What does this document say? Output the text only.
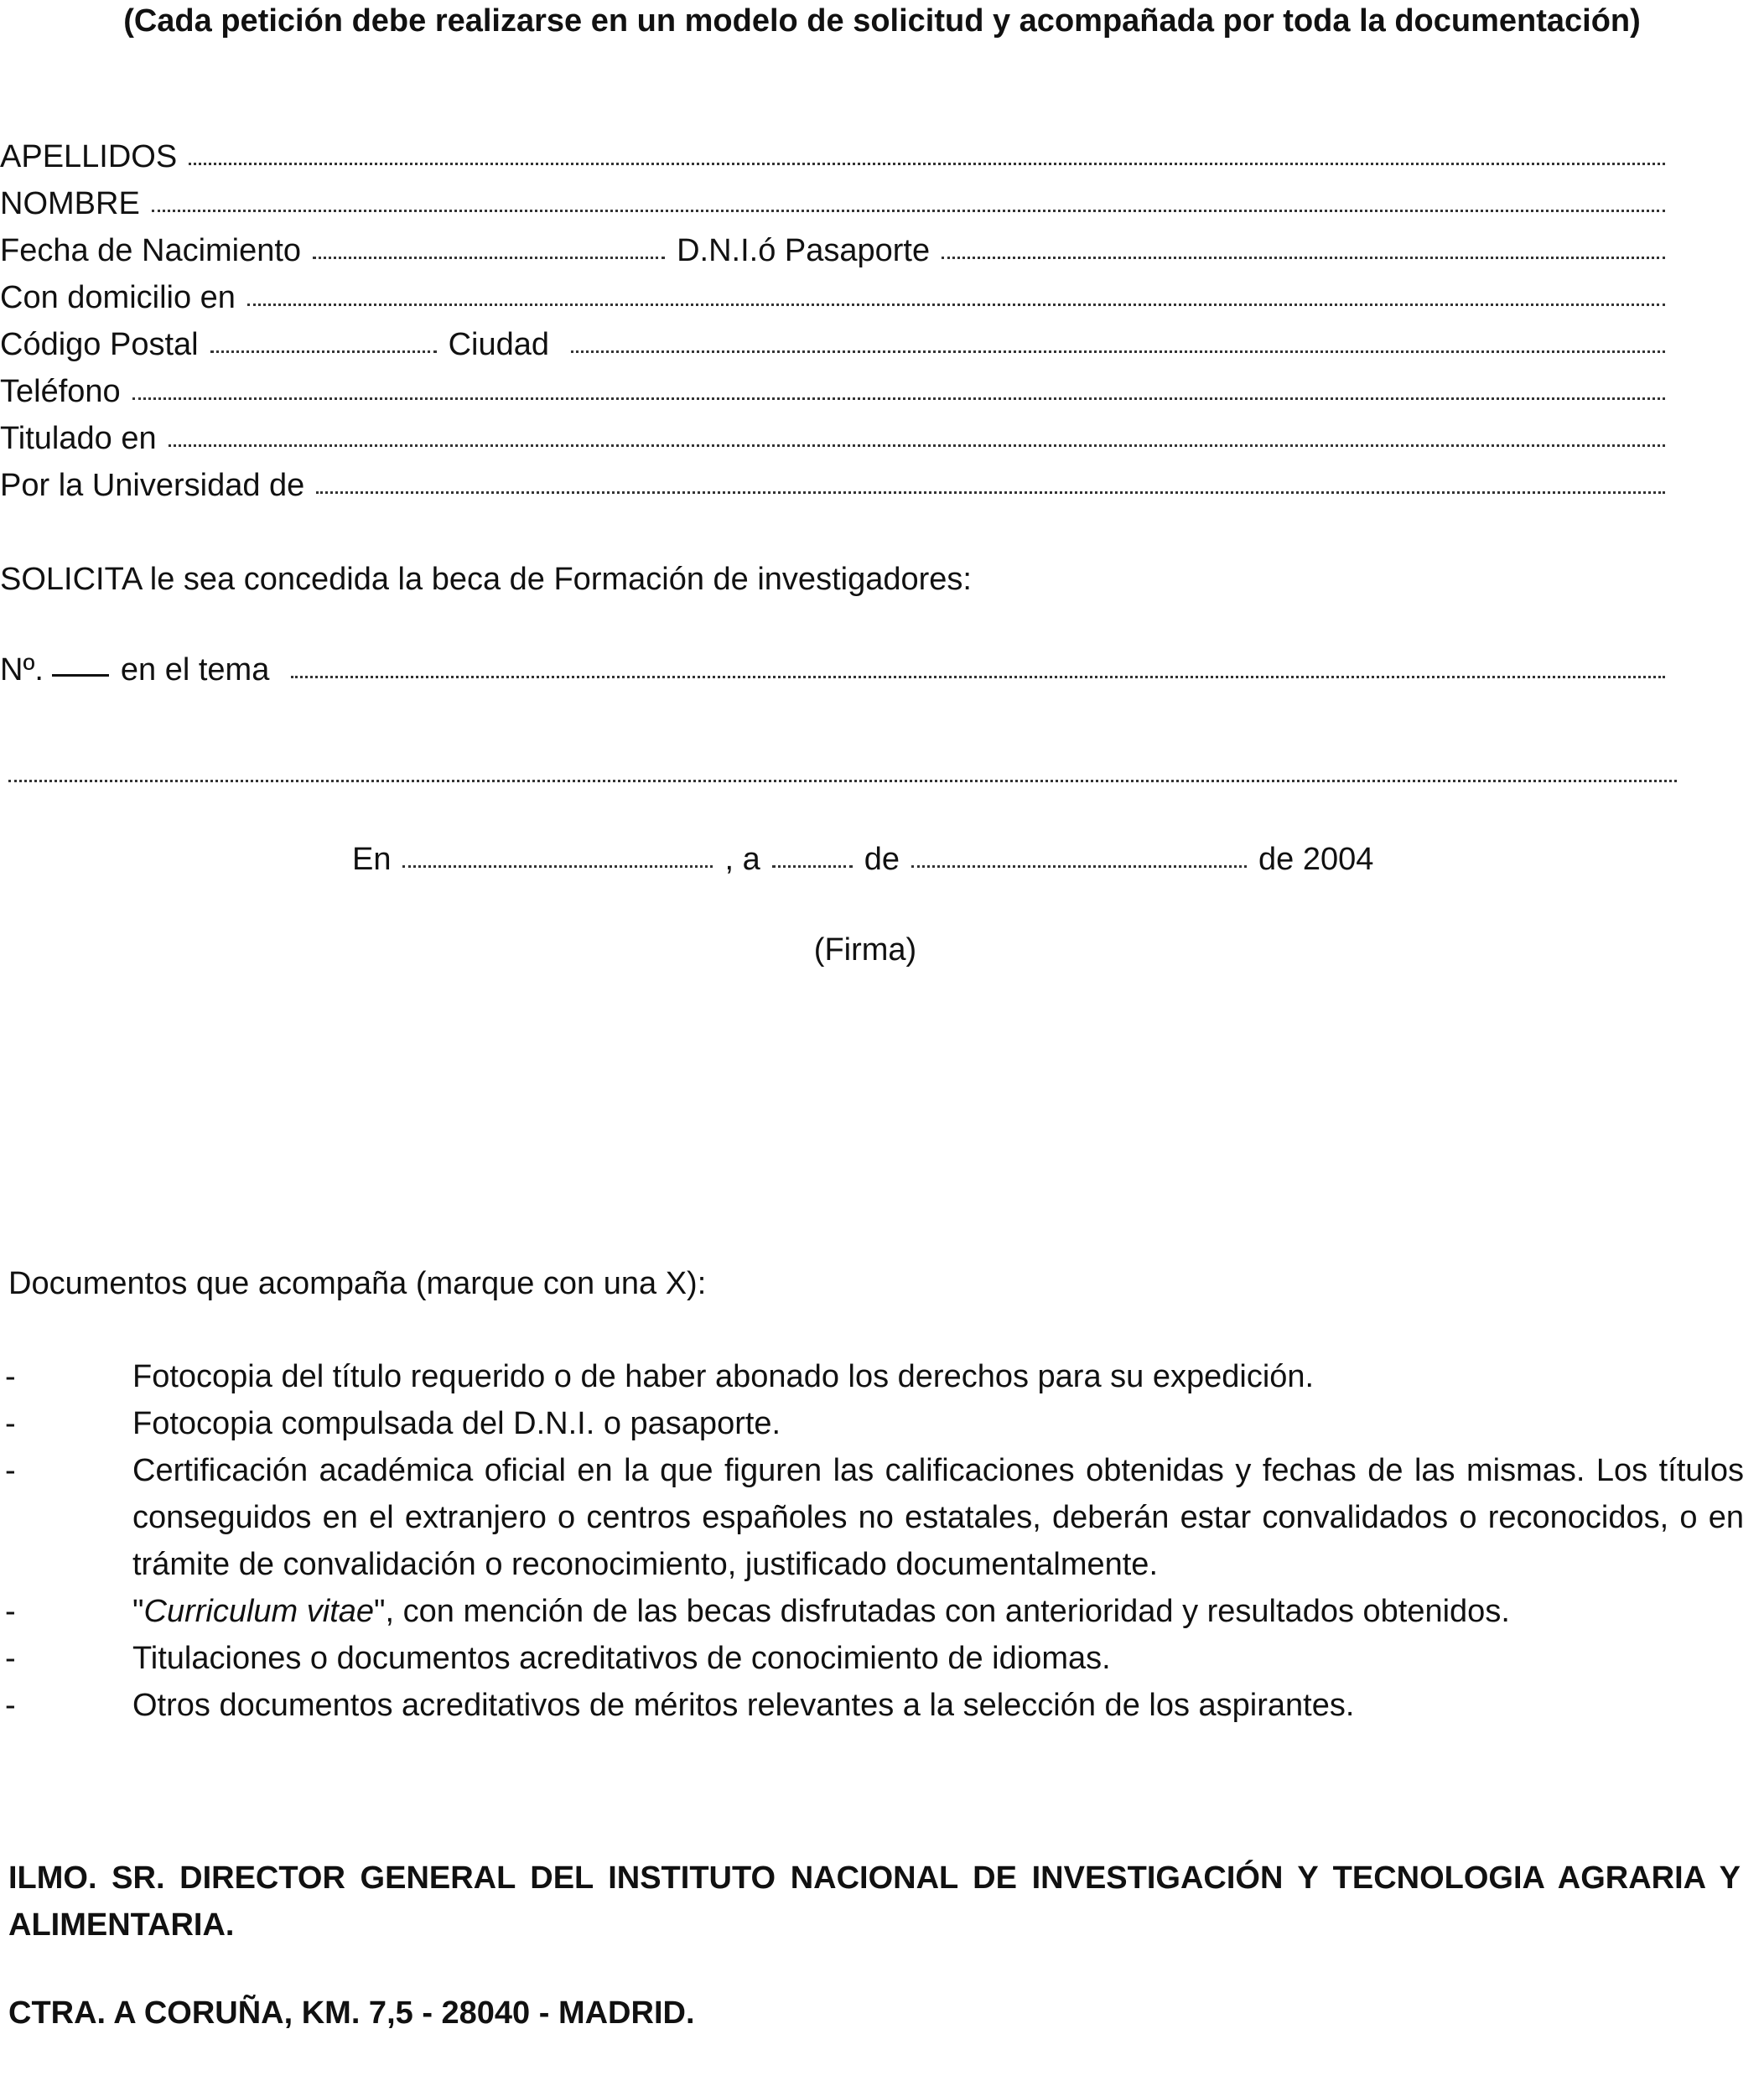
(Cada petición debe realizarse en un modelo de solicitud y acompañada por toda la documentación)
APELLIDOS
NOMBRE
Fecha de Nacimiento	D.N.I.ó Pasaporte
Con domicilio en
Código Postal	Ciudad
Teléfono
Titulado en
Por la Universidad de
SOLICITA le sea concedida la beca de Formación de investigadores:
Nº. en el tema
En	, a	de	de 2004
(Firma)
Documentos que acompaña (marque con una X):
-	Fotocopia del título requerido o de haber abonado los derechos para su expedición.
-	Fotocopia compulsada del D.N.I. o pasaporte.
-	Certificación académica oficial en la que figuren las calificaciones obtenidas y fechas de las mismas. Los títulos conseguidos en el extranjero o centros españoles no estatales, deberán estar convalidados o reconocidos, o en trámite de convalidación o reconocimiento, justificado documentalmente.
-	"Curriculum vitae", con mención de las becas disfrutadas con anterioridad y resultados obtenidos.
-	Titulaciones o documentos acreditativos de conocimiento de idiomas.
-	Otros documentos acreditativos de méritos relevantes a la selección de los aspirantes.
ILMO. SR. DIRECTOR GENERAL DEL INSTITUTO NACIONAL DE INVESTIGACIÓN Y TECNOLOGIA AGRARIA Y ALIMENTARIA.
CTRA. A CORUÑA, KM. 7,5 - 28040 - MADRID.
